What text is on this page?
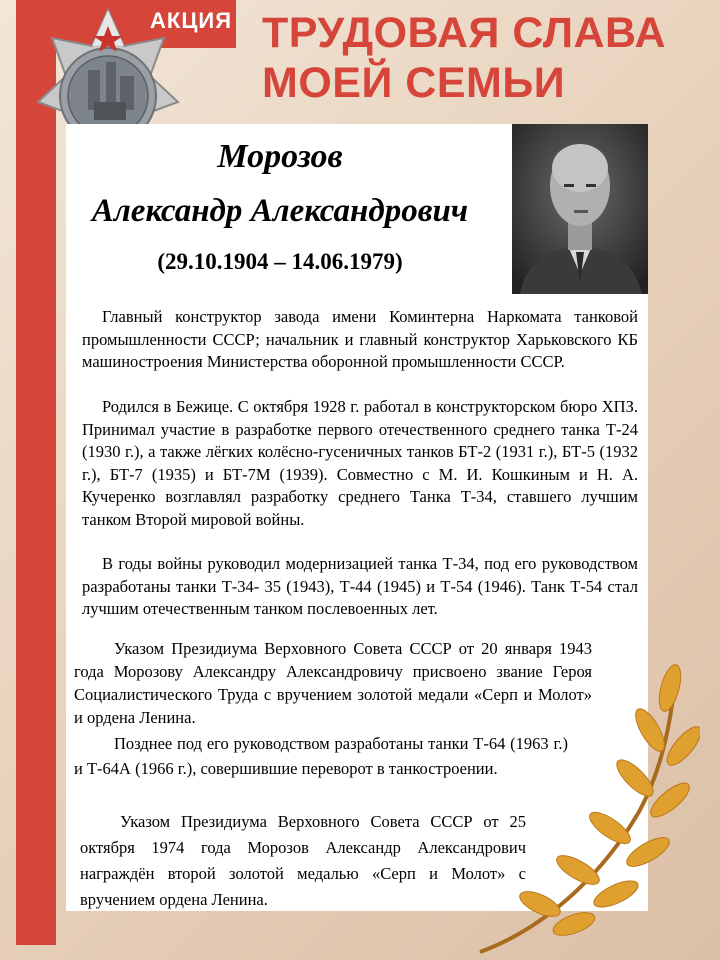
АКЦИЯ ТРУДОВАЯ СЛАВА
МОЕЙ СЕМЬИ
Морозов
Александр Александрович
(29.10.1904 – 14.06.1979)
Главный конструктор завода имени Коминтерна Наркомата танковой промышленности СССР; начальник и главный конструктор Харьковского КБ машиностроения Министерства оборонной промышленности СССР.
Родился в Бежице. С октября 1928 г. работал в конструкторском бюро ХПЗ. Принимал участие в разработке первого отечественного среднего танка Т-24 (1930 г.), а также лёгких колёсно-гусеничных танков БТ-2 (1931 г.), БТ-5 (1932 г.), БТ-7 (1935) и БТ-7М (1939). Совместно с М. И. Кошкиным и Н. А. Кучеренко возглавлял разработку среднего Танка Т-34, ставшего лучшим танком Второй мировой войны.
В годы войны руководил модернизацией танка Т-34, под его руководством разработаны танки Т-34- 35 (1943), Т-44 (1945) и Т-54 (1946). Танк Т-54 стал лучшим отечественным танком послевоенных лет.
Указом Президиума Верховного Совета СССР от 20 января 1943 года Морозову Александру Александровичу присвоено звание Героя Социалистического Труда с вручением золотой медали «Серп и Молот» и ордена Ленина.
Позднее под его руководством разработаны танки Т-64 (1963 г.) и Т-64А (1966 г.), совершившие переворот в танкостроении.
Указом Президиума Верховного Совета СССР от 25 октября 1974 года Морозов Александр Александрович награждён второй золотой медалью «Серп и Молот» с вручением ордена Ленина.
